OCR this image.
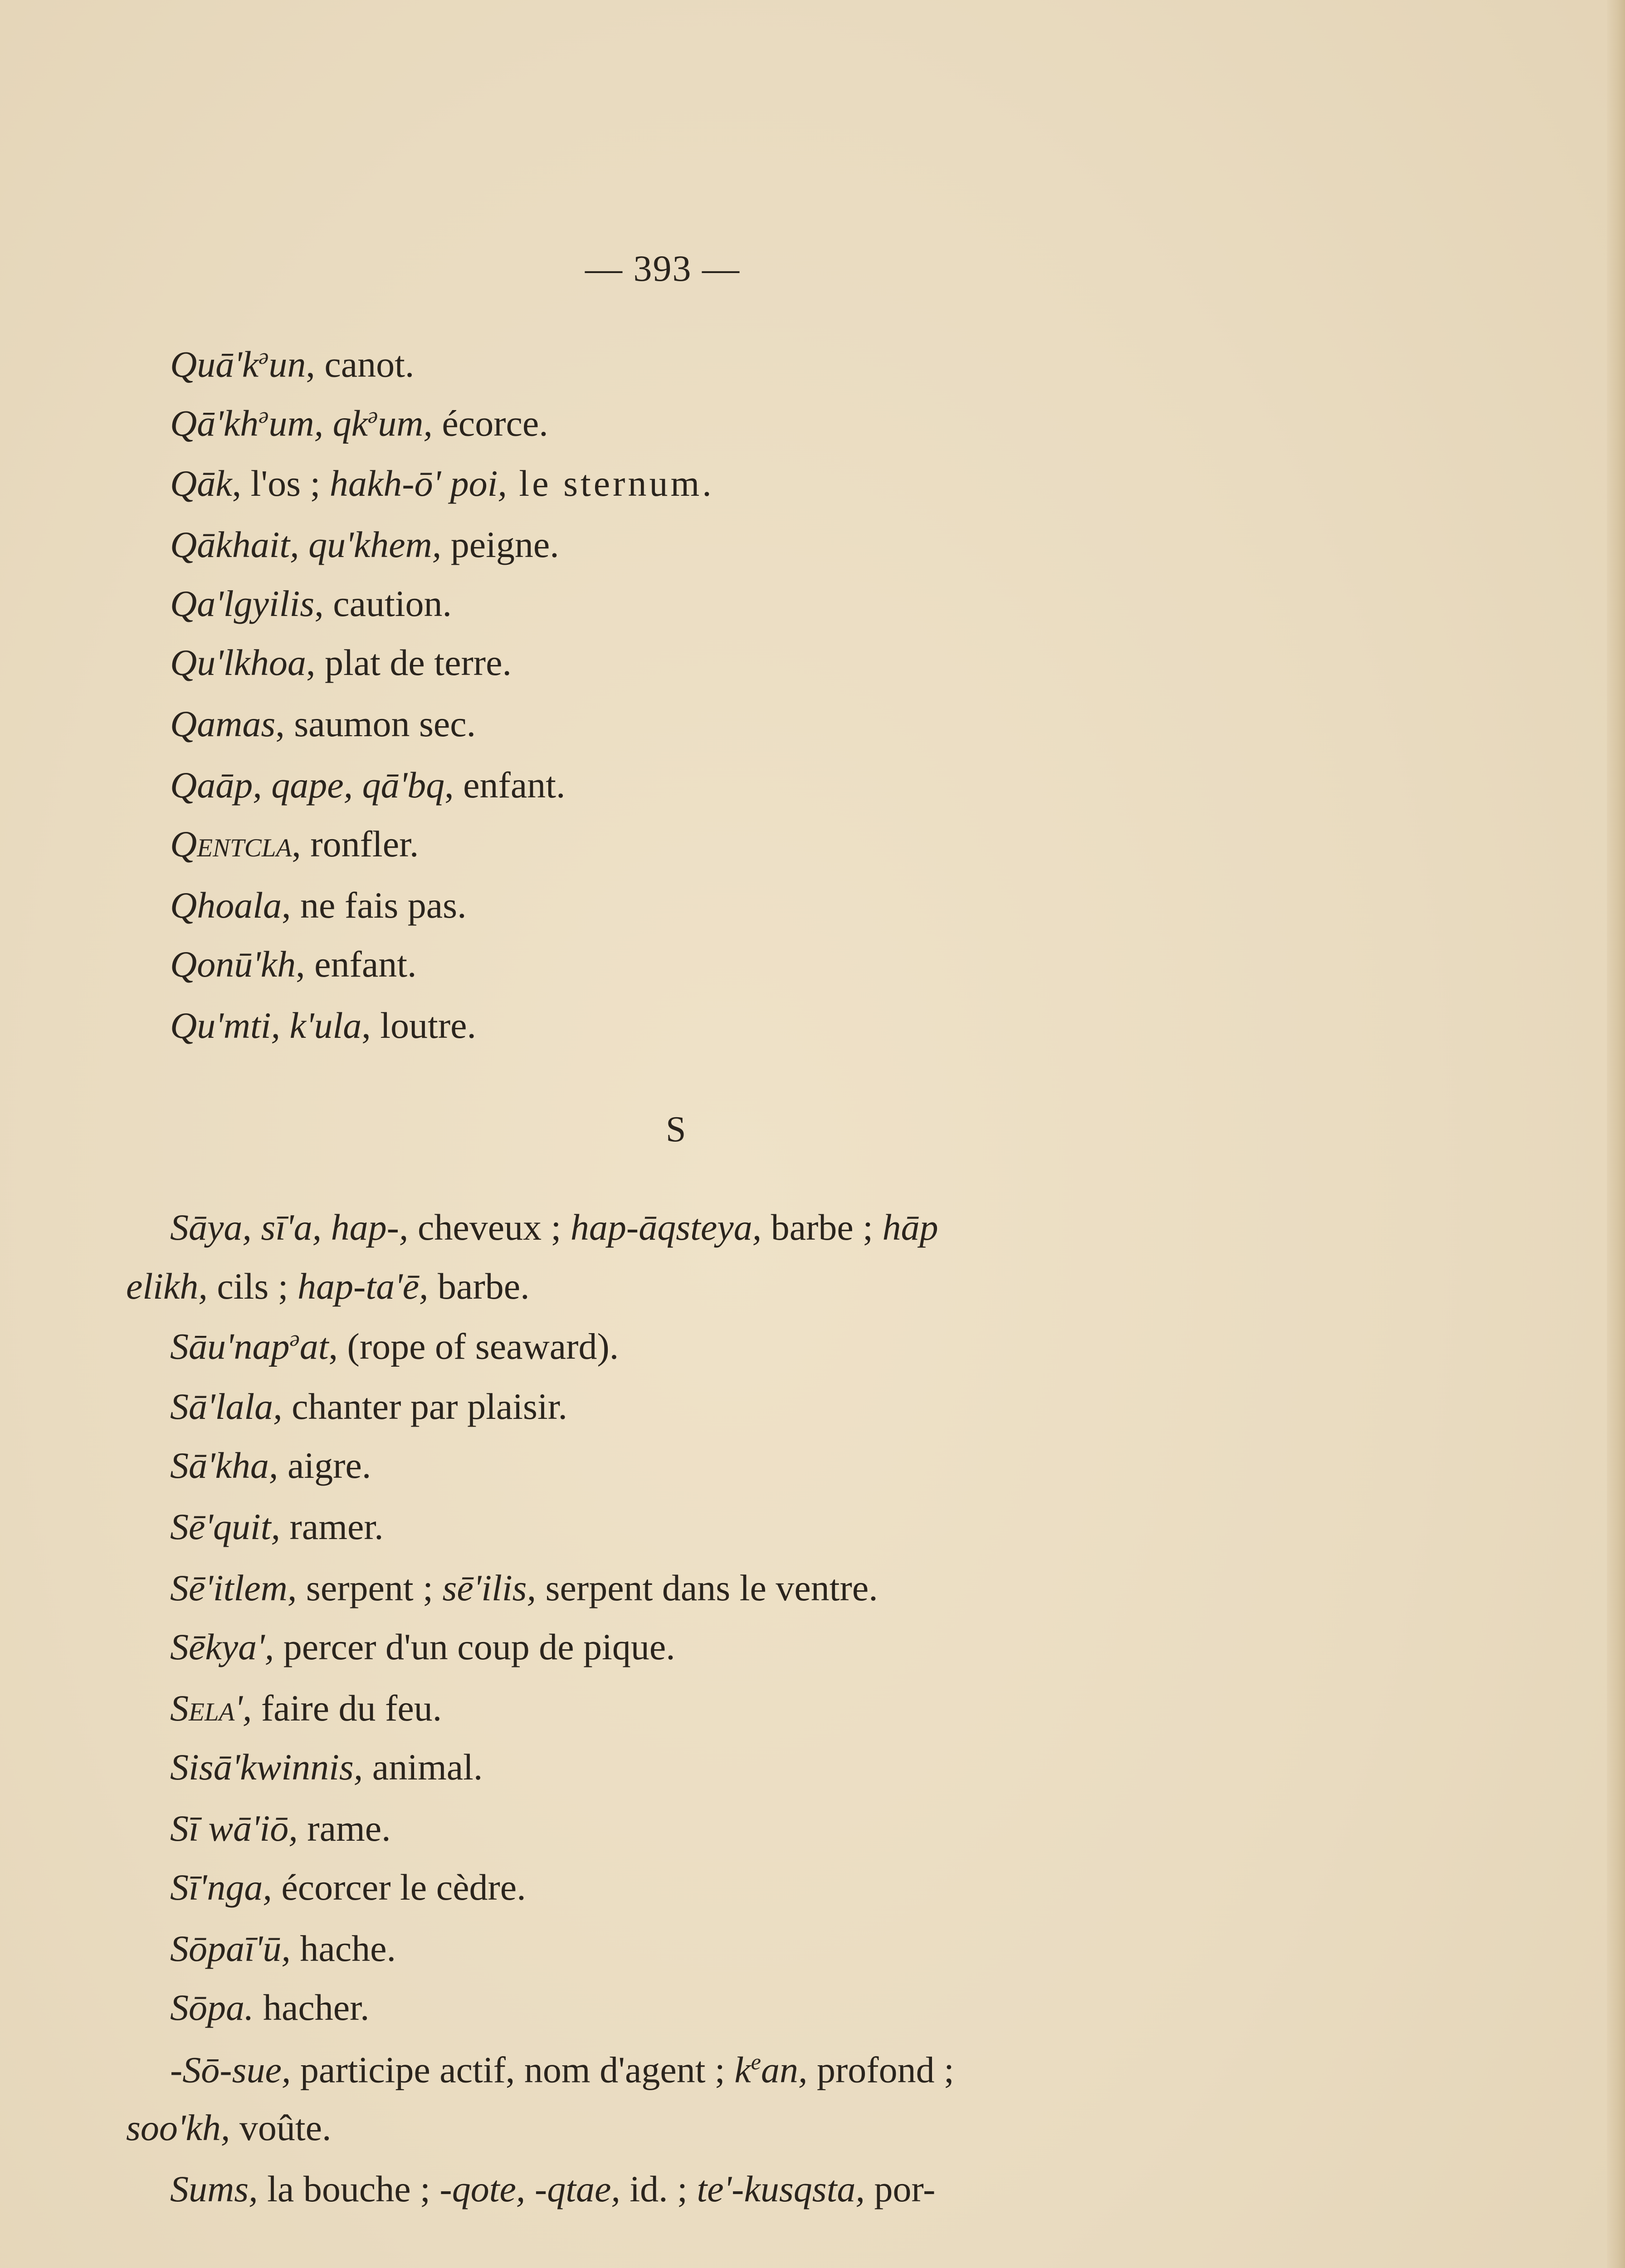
— 393 —
$Quā'k^ǝun$, canot.
$Qā'kh^ǝum$, $qk^ǝum$, écorce.
Qāk, l'os ; hakh-ō' poi, le sternum.
Qākhait, qu'khem, peigne.
Qa'lgyilis, caution.
Qu'lkhoa, plat de terre.
Qamas, saumon sec.
Qaāp, qape, qā'bq, enfant.
Qentcla, ronfler.
Qhoala, ne fais pas.
Qonū'kh, enfant.
Qu'mti, k'ula, loutre.
S
Sāya, sī'a, hap-, cheveux ; hap-āqsteya, barbe ; hāp
elikh, cils ; hap-ta'ē, barbe.
Sāu'nap$^ǝ$at, (rope of seaward).
Sā'lala, chanter par plaisir.
Sā'kha, aigre.
Sē'quit, ramer.
Sē'itlem, serpent ; sē'ilis, serpent dans le ventre.
Sēkya', percer d'un coup de pique.
Sela', faire du feu.
Sisā'kwinnis, animal.
Sī wā'iō, rame.
Sī'nga, écorcer le cèdre.
Sōpaī'ū, hache.
Sōpa. hacher.
-Sō-sue, participe actif, nom d'agent ; $k^ean$, profond ;
soo'kh, voûte.
Sums, la bouche ; -qote, -qtae, id. ; te'-kusqsta, por-
